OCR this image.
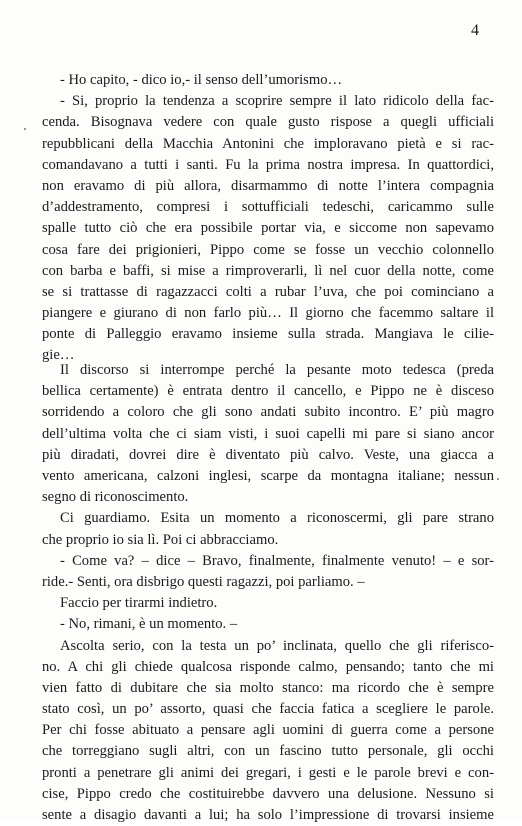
4
- Ho capito, - dico io,- il senso dell’umorismo…
- Si, proprio la tendenza a scoprire sempre il lato ridicolo della fac-
cenda. Bisognava vedere con quale gusto rispose a quegli ufficiali
repubblicani della Macchia Antonini che imploravano pietà e si rac-
comandavano a tutti i santi. Fu la prima nostra impresa. In quattordici,
non eravamo di più allora, disarmammo di notte l’intera compagnia
d’addestramento, compresi i sottufficiali tedeschi, caricammo sulle
spalle tutto ciò che era possibile portar via, e siccome non sapevamo
cosa fare dei prigionieri, Pippo come se fosse un vecchio colonnello
con barba e baffi, si mise a rimproverarli, lì nel cuor della notte, come
se si trattasse di ragazzacci colti a rubar l’uva, che poi cominciano a
piangere e giurano di non farlo più… Il giorno che facemmo saltare il
ponte di Palleggio eravamo insieme sulla strada. Mangiava le cilie-
gie…
Il discorso si interrompe perché la pesante moto tedesca (preda
bellica certamente) è entrata dentro il cancello, e Pippo ne è disceso
sorridendo a coloro che gli sono andati subito incontro. E’ più magro
dell’ultima volta che ci siam visti, i suoi capelli mi pare si siano ancor
più diradati, dovrei dire è diventato più calvo. Veste, una giacca a
vento americana, calzoni inglesi, scarpe da montagna italiane; nessun
segno di riconoscimento.
Ci guardiamo. Esita un momento a riconoscermi, gli pare strano
che proprio io sia lì. Poi ci abbracciamo.
- Come va? – dice – Bravo, finalmente, finalmente venuto! – e sor-
ride.- Senti, ora disbrigo questi ragazzi, poi parliamo. –
Faccio per tirarmi indietro.
- No, rimani, è un momento. –
Ascolta serio, con la testa un po’ inclinata, quello che gli riferisco-
no. A chi gli chiede qualcosa risponde calmo, pensando; tanto che mi
vien fatto di dubitare che sia molto stanco: ma ricordo che è sempre
stato così, un po’ assorto, quasi che faccia fatica a scegliere le parole.
Per chi fosse abituato a pensare agli uomini di guerra come a persone
che torreggiano sugli altri, con un fascino tutto personale, gli occhi
pronti a penetrare gli animi dei gregari, i gesti e le parole brevi e con-
cise, Pippo credo che costituirebbe davvero una delusione. Nessuno si
sente a disagio davanti a lui; ha solo l’impressione di trovarsi insieme
